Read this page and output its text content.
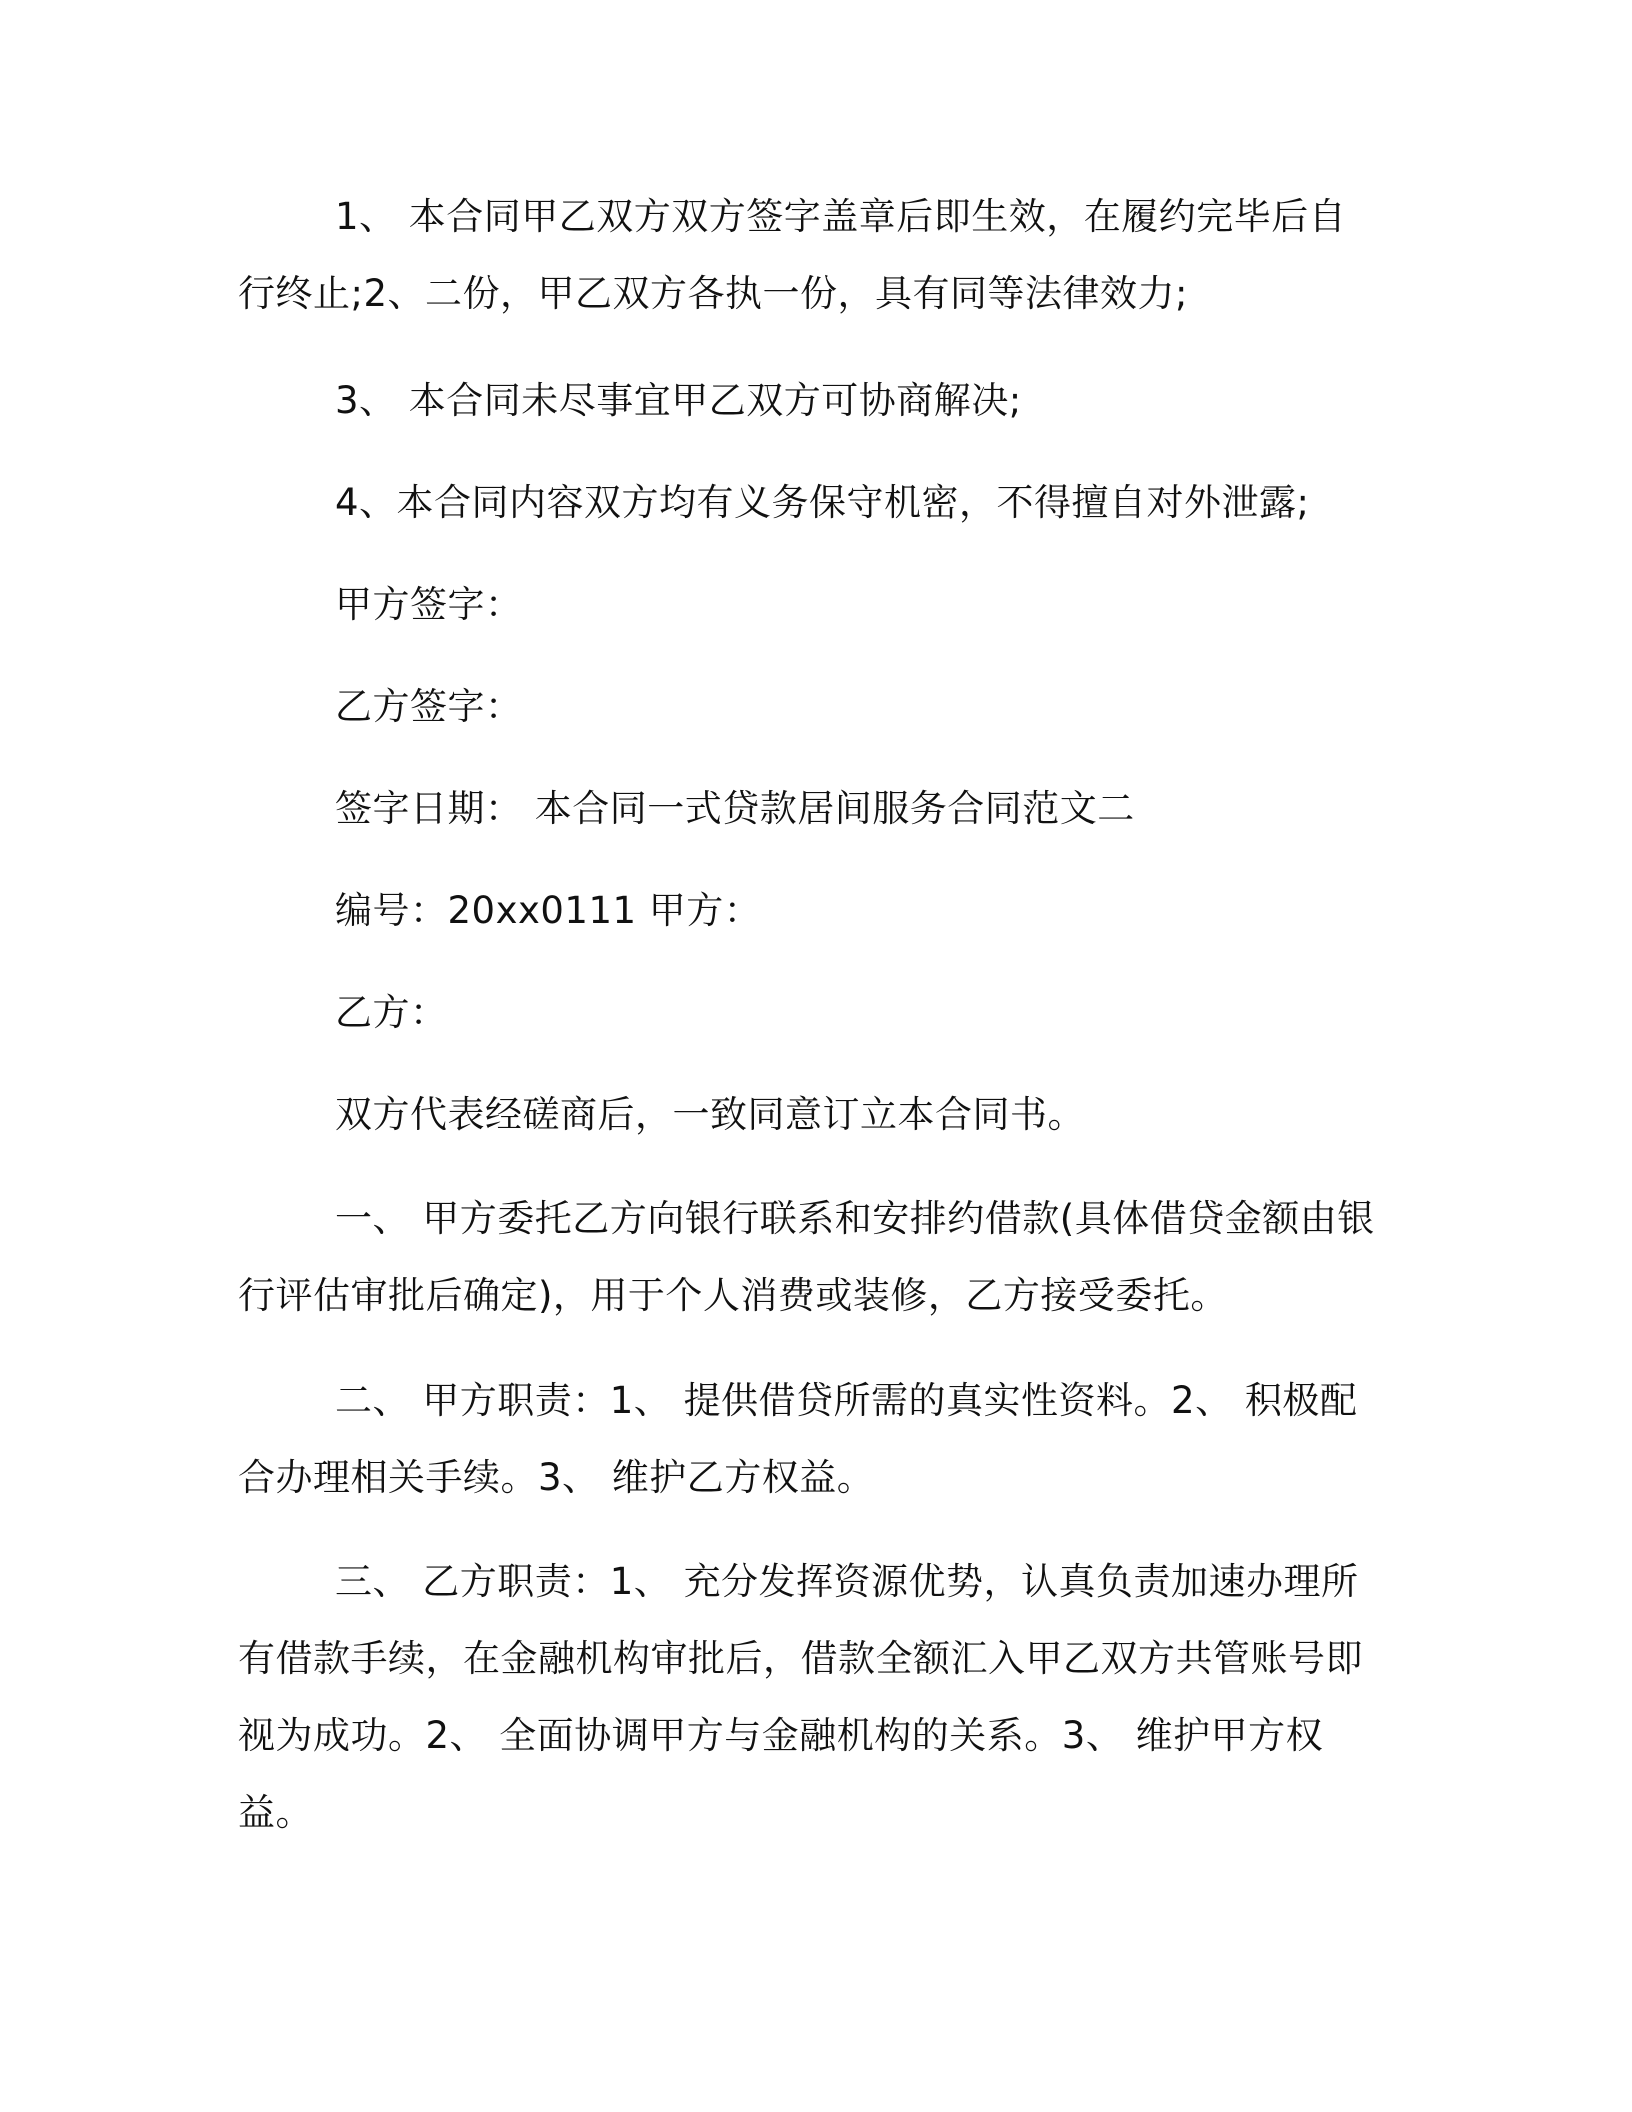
1、 本合同甲乙双方双方签字盖章后即生效，在履约完毕后自行终止;2、二份，甲乙双方各执一份，具有同等法律效力;

3、 本合同未尽事宜甲乙双方可协商解决;

4、本合同内容双方均有义务保守机密，不得擅自对外泄露;

甲方签字：

乙方签字：

签字日期： 本合同一式贷款居间服务合同范文二

编号：20xx0111 甲方：

乙方：

双方代表经磋商后，一致同意订立本合同书。

一、 甲方委托乙方向银行联系和安排约借款(具体借贷金额由银行评估审批后确定)，用于个人消费或装修，乙方接受委托。

二、 甲方职责：1、 提供借贷所需的真实性资料。2、 积极配合办理相关手续。3、 维护乙方权益。

三、 乙方职责：1、 充分发挥资源优势，认真负责加速办理所有借款手续，在金融机构审批后，借款全额汇入甲乙双方共管账号即视为成功。2、 全面协调甲方与金融机构的关系。3、 维护甲方权益。
